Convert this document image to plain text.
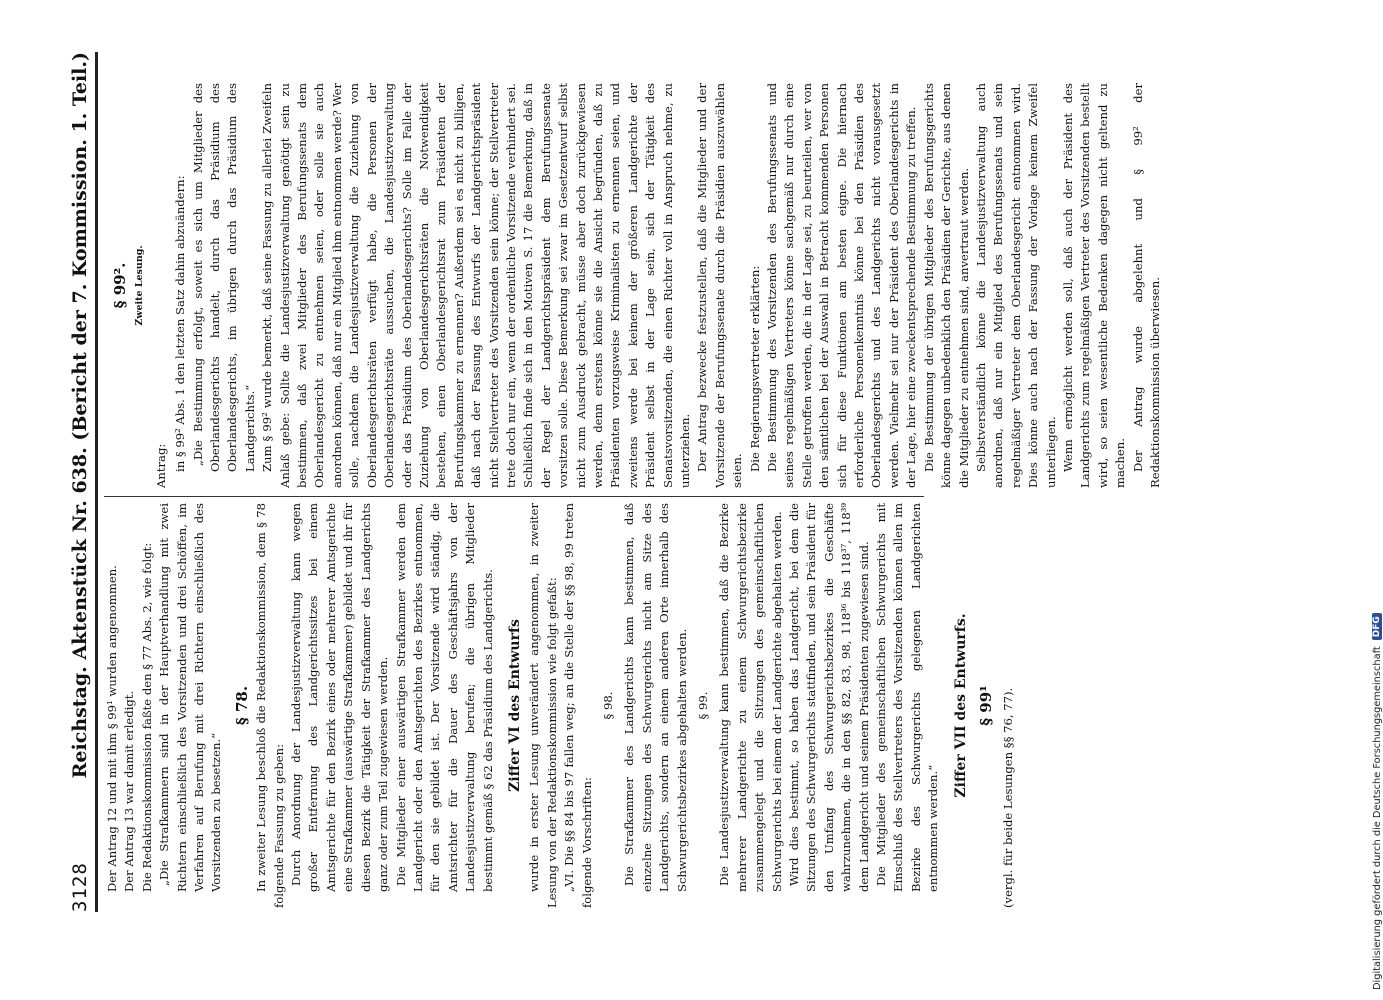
3128
Reichstag. Aktenstück Nr. 638. (Bericht der 7. Kommission. 1. Teil.) Der Antrag 12 und mit ihm § 99¹ wurden angenommen. Der Antrag 13 war damit erledigt. Die Redaktionskommission faßte den § 77 Abs. 2, wie folgt: „Die Strafkammern sind in der Hauptverhandlung mit zwei Richtern einschließlich des Vorsitzenden und drei Schöffen, im Verfahren auf Berufung mit drei Richtern einschließlich des Vorsitzenden zu besetzen.“

§ 78. In zweiter Lesung beschloß die Redaktionskommission, dem § 78 folgende Fassung zu geben: Durch Anordnung der Landesjustizverwaltung kann wegen großer Entfernung des Landgerichtssitzes bei einem Amtsgerichte für den Bezirk eines oder mehrerer Amtsgerichte eine Strafkammer (auswärtige Strafkammer) gebildet und ihr für diesen Bezirk die Tätigkeit der Strafkammer des Landgerichts ganz oder zum Teil zugewiesen werden. Die Mitglieder einer auswärtigen Strafkammer werden dem Landgericht oder den Amtsgerichten des Bezirkes entnommen, für den sie gebildet ist. Der Vorsitzende wird ständig, die Amtsrichter für die Dauer des Geschäftsjahrs von der Landesjustizverwaltung berufen; die übrigen Mitglieder bestimmt gemäß § 62 das Präsidium des Landgerichts. Ziffer VI des Entwurfs wurde in erster Lesung unverändert angenommen, in zweiter Lesung von der Redaktionskommission wie folgt gefaßt: „VI. Die §§ 84 bis 97 fallen weg; an die Stelle der §§ 98, 99 treten folgende Vorschriften:

§ 98. Die Strafkammer des Landgerichts kann bestimmen, daß einzelne Sitzungen des Schwurgerichts nicht am Sitze des Landgerichts, sondern an einem anderen Orte innerhalb des Schwurgerichtsbezirkes abgehalten werden. § 99. Die Landesjustizverwaltung kann bestimmen, daß die Bezirke mehrerer Landgerichte zu einem Schwurgerichtsbezirke zusammengelegt und die Sitzungen des gemeinschaftlichen Schwurgerichts bei einem der Landgerichte abgehalten werden. Wird dies bestimmt, so haben das Landgericht, bei dem die Sitzungen des Schwurgerichts stattfinden, und sein Präsident für den Umfang des Schwurgerichtsbezirkes die Geschäfte wahrzunehmen, die in den §§ 82, 83, 98, 118³⁶ bis 118³⁷, 118³⁹ dem Landgericht und seinem Präsidenten zugewiesen sind. Die Mitglieder des gemeinschaftlichen Schwurgerichts mit Einschluß des Stellvertreters des Vorsitzenden können allen im Bezirke des Schwurgerichts gelegenen Landgerichten entnommen werden.“

Ziffer VII des Entwurfs. § 99¹ (vergl. für beide Lesungen §§ 76, 77).

§ 99². Zweite Lesung.

Antrag: in § 99² Abs. 1 den letzten Satz dahin abzuändern: „Die Bestimmung erfolgt, soweit es sich um Mitglieder des Oberlandesgerichts handelt, durch das Präsidium des Oberlandesgerichts, im übrigen durch das Präsidium des Landgerichts.“ Zum § 99² wurde bemerkt, daß seine Fassung zu allerlei Zweifeln Anlaß gebe: Sollte die Landesjustizverwaltung genötigt sein zu bestimmen, daß zwei Mitglieder des Berufungssenats dem Oberlandesgericht zu entnehmen seien, oder solle sie auch anordnen können, daß nur ein Mitglied ihm entnommen werde? Wer solle, nachdem die Landesjustizverwaltung die Zuziehung von Oberlandesgerichtsräten verfügt habe, die Personen der Oberlandesgerichtsräte aussuchen, die Landesjustizverwaltung oder das Präsidium des Oberlandesgerichts? Solle im Falle der Zuziehung von Oberlandesgerichtsräten die Notwendigkeit bestehen, einen Oberlandesgerichtsrat zum Präsidenten der Berufungskammer zu ernennen? Außerdem sei es nicht zu billigen, daß nach der Fassung des Entwurfs der Landgerichtspräsident nicht Stellvertreter des Vorsitzenden sein könne; der Stellvertreter trete doch nur ein, wenn der ordentliche Vorsitzende verhindert sei. Schließlich finde sich in den Motiven S. 17 die Bemerkung, daß in der Regel der Landgerichtspräsident dem Berufungssenate vorsitzen solle. Diese Bemerkung sei zwar im Gesetzentwurf selbst nicht zum Ausdruck gebracht, müsse aber doch zurückgewiesen werden, denn erstens könne sie die Ansicht begründen, daß zu Präsidenten vorzugsweise Kriminalisten zu ernennen seien, und zweitens werde bei keinem der größeren Landgerichte der Präsident selbst in der Lage sein, sich der Tätigkeit des Senatsvorsitzenden, die einen Richter voll in Anspruch nehme, zu unterziehen. Der Antrag bezwecke festzustellen, daß die Mitglieder und der Vorsitzende der Berufungssenate durch die Präsidien auszuwählen seien. Die Regierungsvertreter erklärten: Die Bestimmung des Vorsitzenden des Berufungssenats und seines regelmäßigen Vertreters könne sachgemäß nur durch eine Stelle getroffen werden, die in der Lage sei, zu beurteilen, wer von den sämtlichen bei der Auswahl in Betracht kommenden Personen sich für diese Funktionen am besten eigne. Die hiernach erforderliche Personenkenntnis könne bei den Präsidien des Oberlandesgerichts und des Landgerichts nicht vorausgesetzt werden. Vielmehr sei nur der Präsident des Oberlandesgerichts in der Lage, hier eine zweckentsprechende Bestimmung zu treffen. Die Bestimmung der übrigen Mitglieder des Berufungsgerichts könne dagegen unbedenklich den Präsidien der Gerichte, aus denen die Mitglieder zu entnehmen sind, anvertraut werden. Selbstverständlich könne die Landesjustizverwaltung auch anordnen, daß nur ein Mitglied des Berufungssenats und sein regelmäßiger Vertreter dem Oberlandesgericht entnommen wird. Dies könne auch nach der Fassung der Vorlage keinem Zweifel unterliegen. Wenn ermöglicht werden soll, daß auch der Präsident des Landgerichts zum regelmäßigen Vertreter des Vorsitzenden bestellt wird, so seien wesentliche Bedenken dagegen nicht geltend zu machen. Der Antrag wurde abgelehnt und § 99² der Redaktionskommission überwiesen.

Digitalisierung gefördert durch die Deutsche Forschungsgemeinschaft
DFG
